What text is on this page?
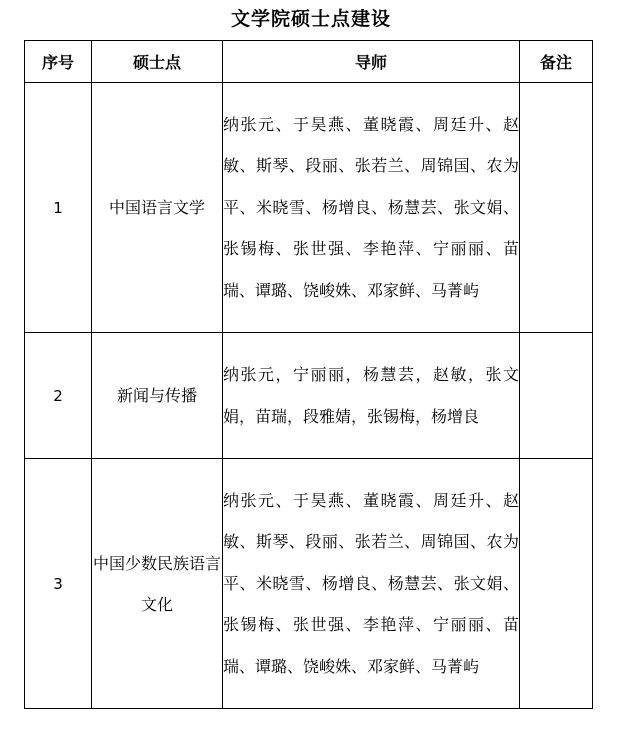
文学院硕士点建设
序号	硕士点	导师	备注
1	中国语言文学	纳张元、于昊燕、董晓霞、周廷升、赵敏、斯琴、段丽、张若兰、周锦国、农为平、米晓雪、杨增良、杨慧芸、张文娟、张锡梅、张世强、李艳萍、宁丽丽、苗瑞、谭璐、饶峻姝、邓家鲜、马菁屿	
2	新闻与传播	纳张元，宁丽丽，杨慧芸，赵敏，张文娟，苗瑞，段雅婧，张锡梅，杨增良	
3	中国少数民族语言文化	纳张元、于昊燕、董晓霞、周廷升、赵敏、斯琴、段丽、张若兰、周锦国、农为平、米晓雪、杨增良、杨慧芸、张文娟、张锡梅、张世强、李艳萍、宁丽丽、苗瑞、谭璐、饶峻姝、邓家鲜、马菁屿	
